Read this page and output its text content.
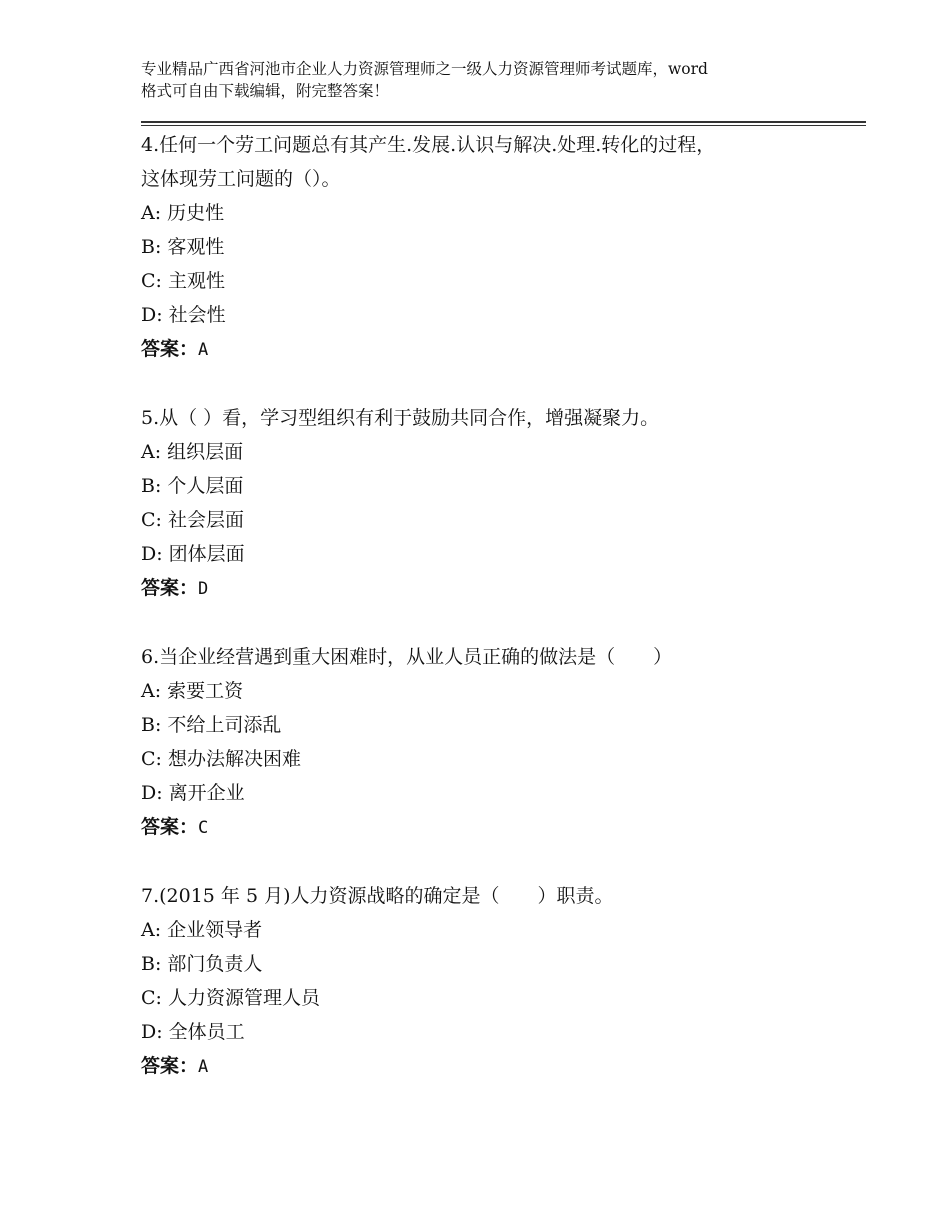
专业精品广西省河池市企业人力资源管理师之一级人力资源管理师考试题库，word
格式可自由下载编辑，附完整答案！
4.任何一个劳工问题总有其产生.发展.认识与解决.处理.转化的过程，
这体现劳工问题的（）。
A: 历史性
B: 客观性
C: 主观性
D: 社会性
答案：A
5.从（ ）看，学习型组织有利于鼓励共同合作，增强凝聚力。
A: 组织层面
B: 个人层面
C: 社会层面
D: 团体层面
答案：D
6.当企业经营遇到重大困难时，从业人员正确的做法是（　　）
A: 索要工资
B: 不给上司添乱
C: 想办法解决困难
D: 离开企业
答案：C
7.(2015 年 5 月)人力资源战略的确定是（　　）职责。
A: 企业领导者
B: 部门负责人
C: 人力资源管理人员
D: 全体员工
答案：A
